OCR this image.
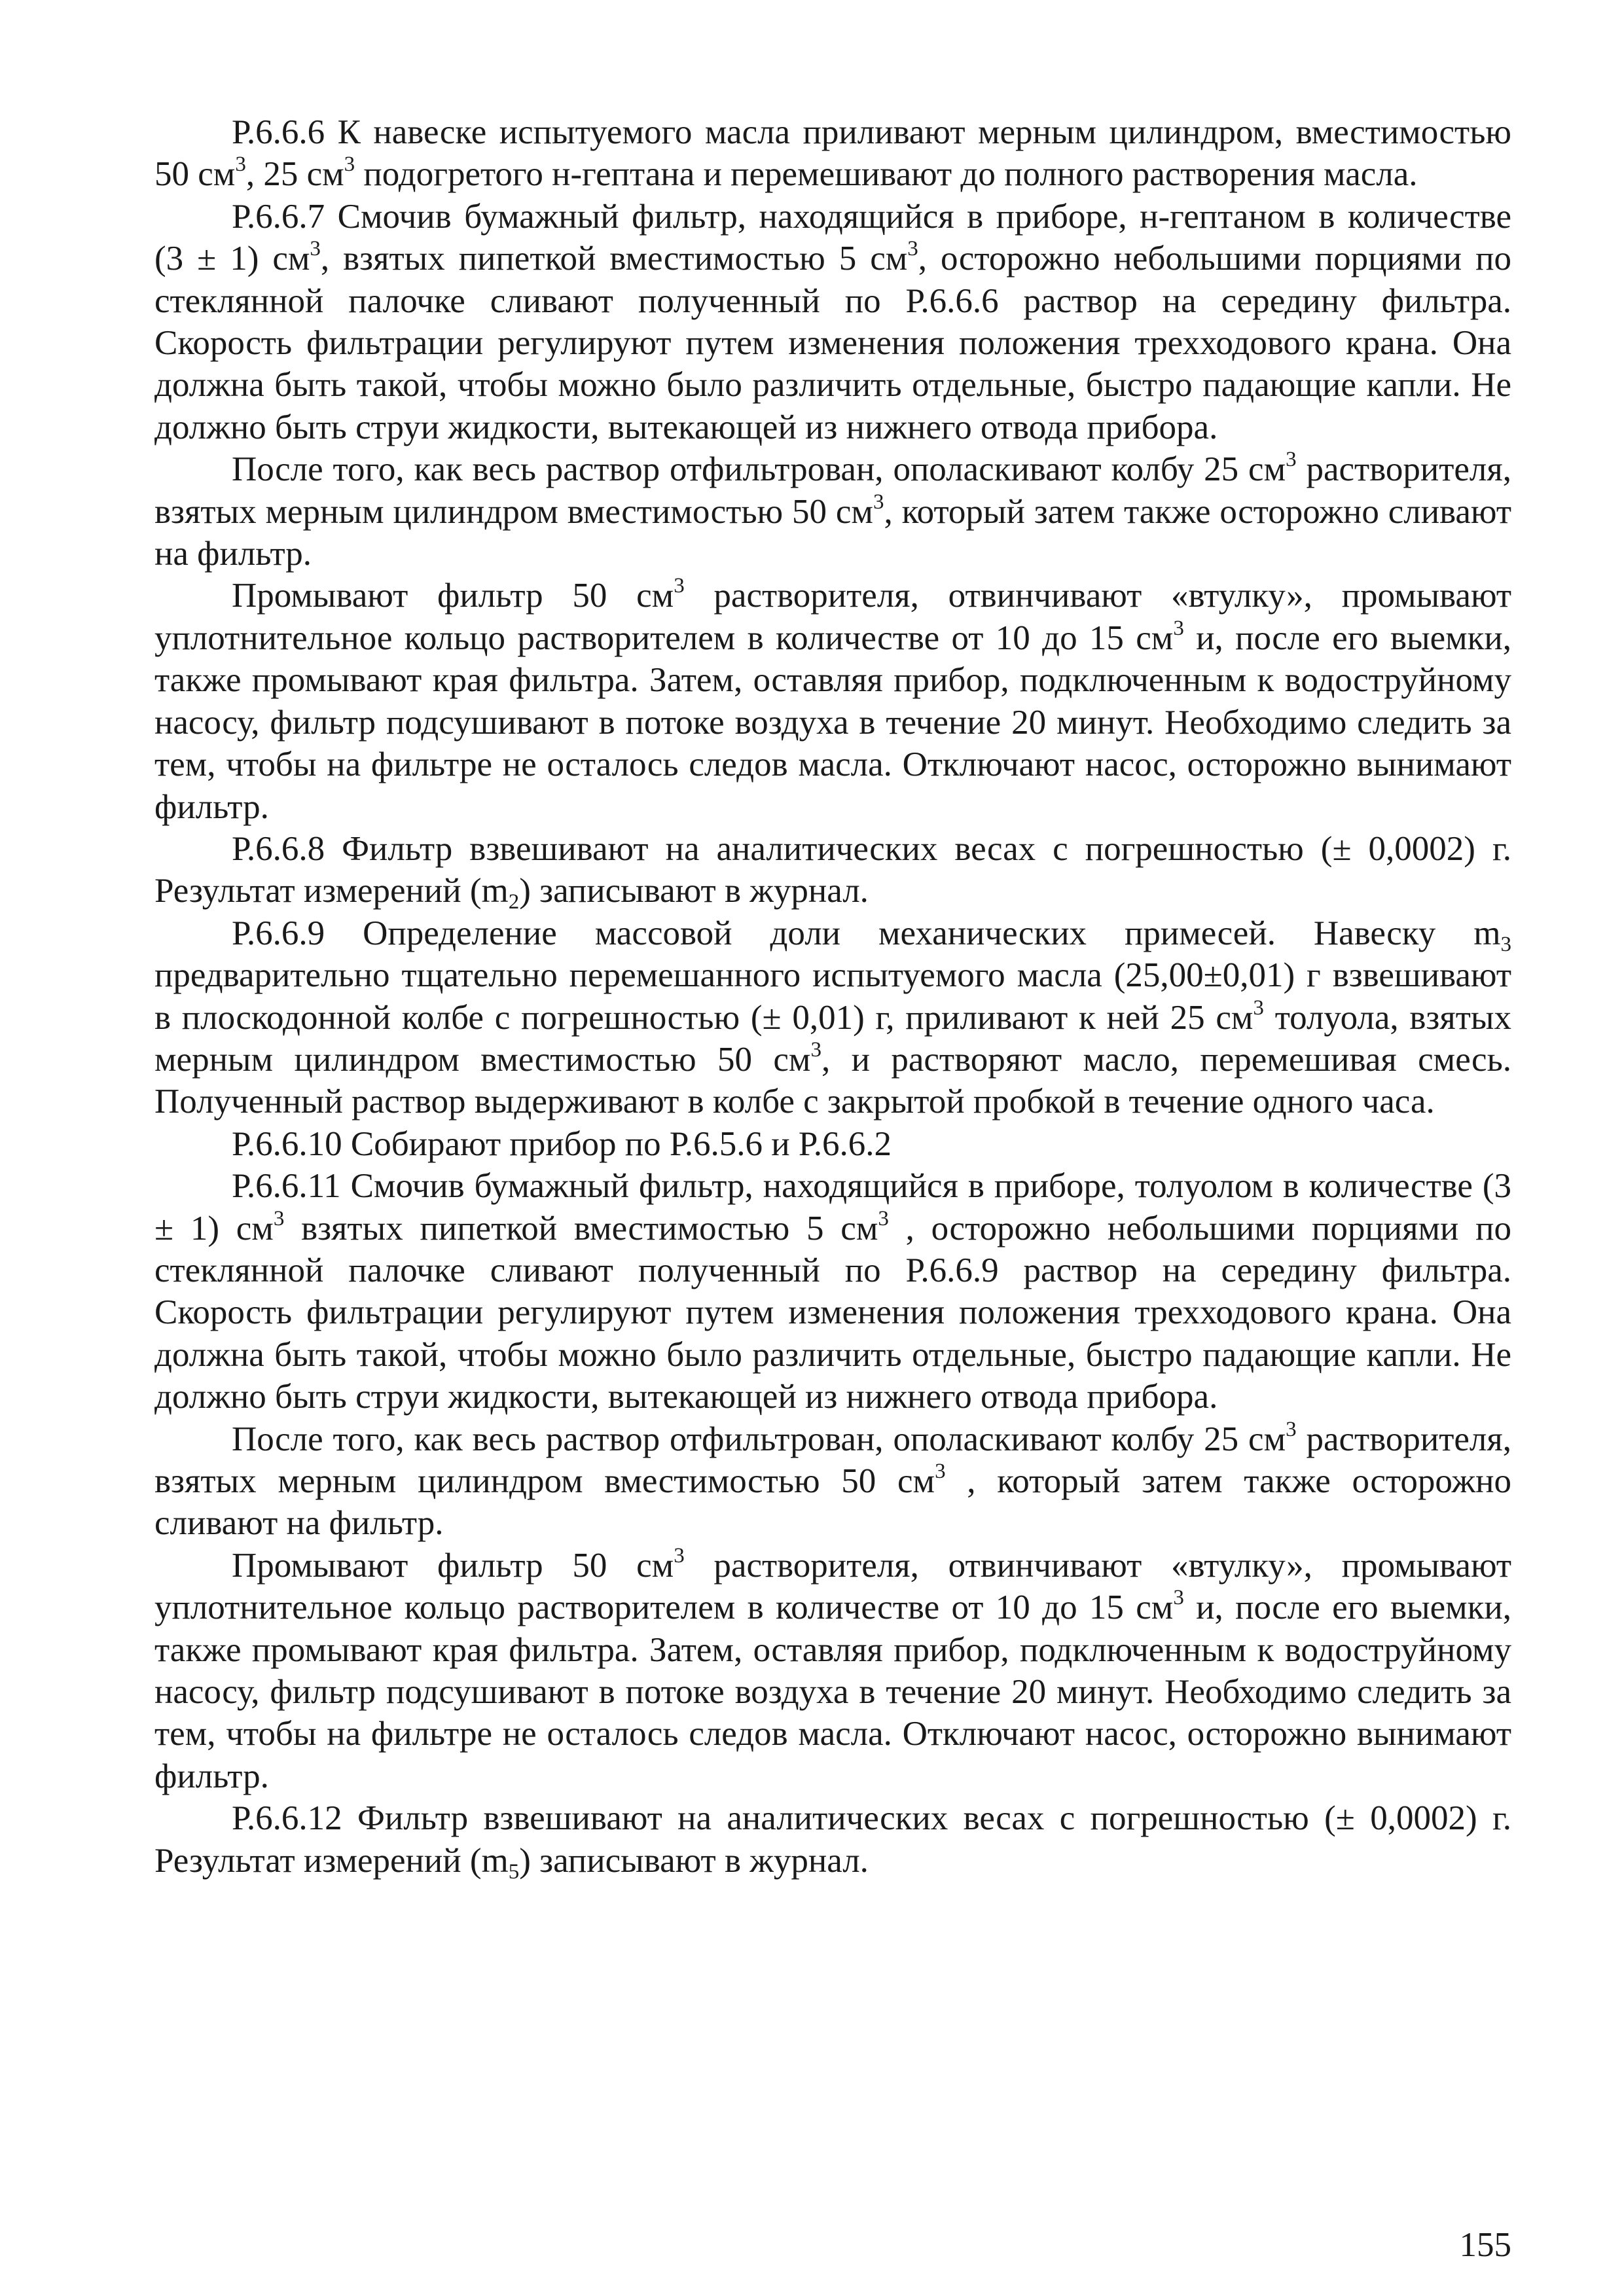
Р.6.6.6 К навеске испытуемого масла приливают мерным цилиндром, вместимостью 50 $см^3$, 25 $см^3$ подогретого н-гептана и перемешивают до полного растворения масла.

Р.6.6.7 Смочив бумажный фильтр, находящийся в приборе, н-гептаном в количестве (3 ± 1) $см^3$, взятых пипеткой вместимостью 5 $см^3$, осторожно небольшими порциями по стеклянной палочке сливают полученный по Р.6.6.6 раствор на середину фильтра. Скорость фильтрации регулируют путем изменения положения трехходового крана. Она должна быть такой, чтобы можно было различить отдельные, быстро падающие капли. Не должно быть струи жидкости, вытекающей из нижнего отвода прибора.

После того, как весь раствор отфильтрован, ополаскивают колбу 25 $см^3$ растворителя, взятых мерным цилиндром вместимостью 50 $см^3$, который затем также осторожно сливают на фильтр.

Промывают фильтр 50 $см^3$ растворителя, отвинчивают «втулку», промывают уплотнительное кольцо растворителем в количестве от 10 до 15 $см^3$ и, после его выемки, также промывают края фильтра. Затем, оставляя прибор, подключенным к водоструйному насосу, фильтр подсушивают в потоке воздуха в течение 20 минут. Необходимо следить за тем, чтобы на фильтре не осталось следов масла. Отключают насос, осторожно вынимают фильтр.

Р.6.6.8 Фильтр взвешивают на аналитических весах с погрешностью (± 0,0002) г. Результат измерений $(m_2)$ записывают в журнал.

Р.6.6.9 Определение массовой доли механических примесей. Навеску $m_3$ предварительно тщательно перемешанного испытуемого масла (25,00±0,01) г взвешивают в плоскодонной колбе с погрешностью (± 0,01) г, приливают к ней 25 $см^3$ толуола, взятых мерным цилиндром вместимостью 50 $см^3$, и растворяют масло, перемешивая смесь. Полученный раствор выдерживают в колбе с закрытой пробкой в течение одного часа.

Р.6.6.10 Собирают прибор по Р.6.5.6 и Р.6.6.2

Р.6.6.11 Смочив бумажный фильтр, находящийся в приборе, толуолом в количестве (3 ± 1) $см^3$ взятых пипеткой вместимостью 5 $см^3$ , осторожно небольшими порциями по стеклянной палочке сливают полученный по Р.6.6.9 раствор на середину фильтра. Скорость фильтрации регулируют путем изменения положения трехходового крана. Она должна быть такой, чтобы можно было различить отдельные, быстро падающие капли. Не должно быть струи жидкости, вытекающей из нижнего отвода прибора.

После того, как весь раствор отфильтрован, ополаскивают колбу 25 $см^3$ растворителя, взятых мерным цилиндром вместимостью 50 $см^3$ , который затем также осторожно сливают на фильтр.

Промывают фильтр 50 $см^3$ растворителя, отвинчивают «втулку», промывают уплотнительное кольцо растворителем в количестве от 10 до 15 $см^3$ и, после его выемки, также промывают края фильтра. Затем, оставляя прибор, подключенным к водоструйному насосу, фильтр подсушивают в потоке воздуха в течение 20 минут. Необходимо следить за тем, чтобы на фильтре не осталось следов масла. Отключают насос, осторожно вынимают фильтр.

Р.6.6.12 Фильтр взвешивают на аналитических весах с погрешностью (± 0,0002) г. Результат измерений $(m_5)$ записывают в журнал.

155
